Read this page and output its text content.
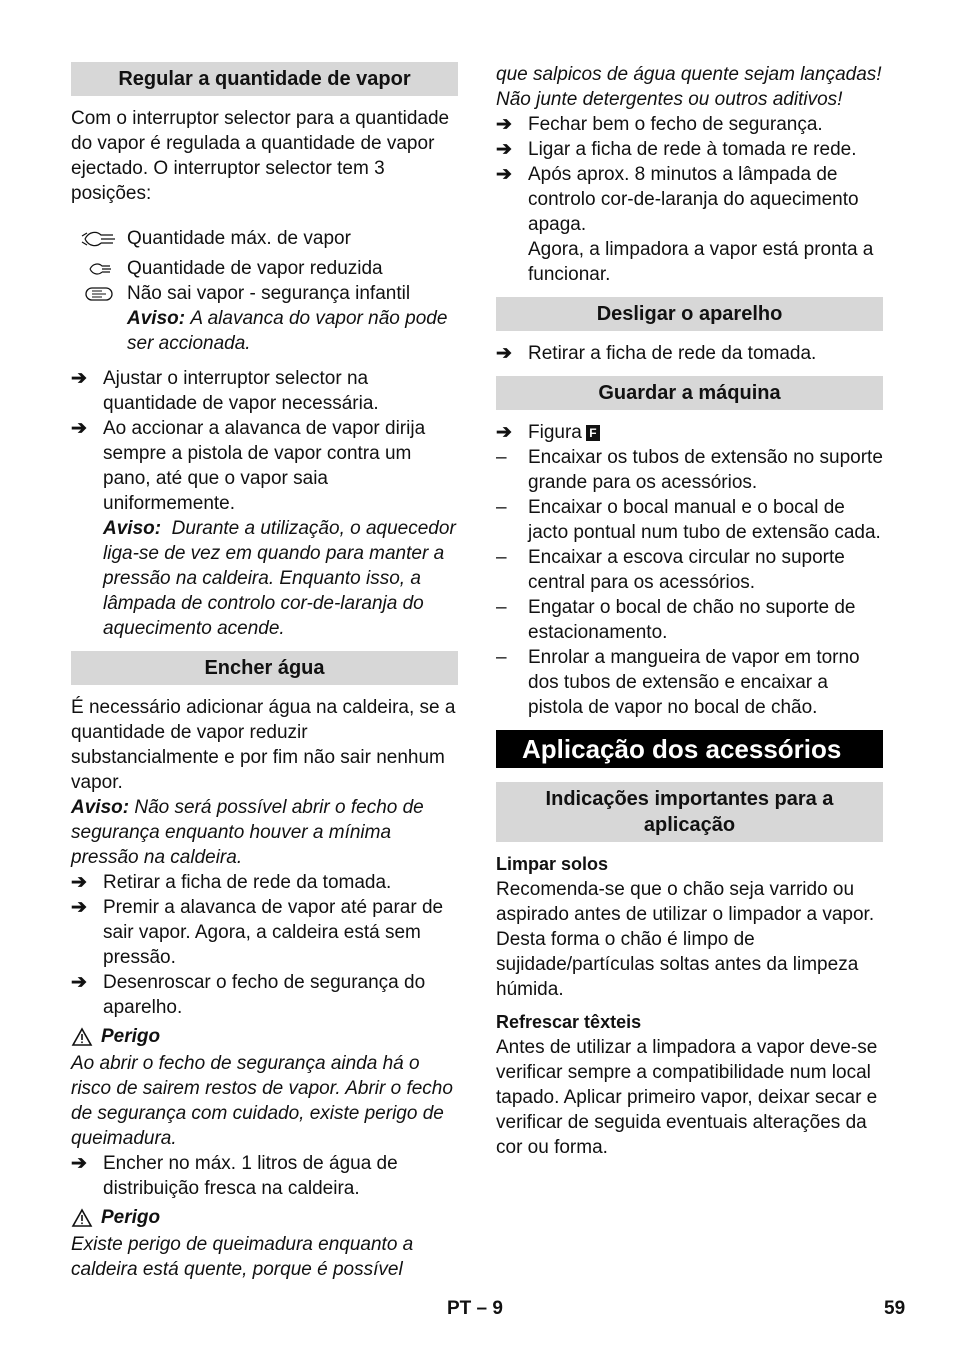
Regular a quantidade de vapor

Com o interruptor selector para a quantidade do vapor é regulada a quantidade de vapor ejectado. O interruptor selector tem 3 posições:

Quantidade máx. de vapor
Quantidade de vapor reduzida
Não sai vapor - segurança infantil

Aviso: A alavanca do vapor não pode ser accionada.

➔ Ajustar o interruptor selector na quantidade de vapor necessária.
➔ Ao accionar a alavanca de vapor dirija sempre a pistola de vapor contra um pano, até que o vapor saia uniformemente.

Aviso: Durante a utilização, o aquecedor liga-se de vez em quando para manter a pressão na caldeira. Enquanto isso, a lâmpada de controlo cor-de-laranja do aquecimento acende.

Encher água

É necessário adicionar água na caldeira, se a quantidade de vapor reduzir substancialmente e por fim não sair nenhum vapor.

Aviso: Não será possível abrir o fecho de segurança enquanto houver a mínima pressão na caldeira.

➔ Retirar a ficha de rede da tomada.
➔ Premir a alavanca de vapor até parar de sair vapor. Agora, a caldeira está sem pressão.
➔ Desenroscar o fecho de segurança do aparelho.
Perigo

Ao abrir o fecho de segurança ainda há o risco de sairem restos de vapor. Abrir o fecho de segurança com cuidado, existe perigo de queimadura.

➔ Encher no máx. 1 litros de água de distribuição fresca na caldeira.
Perigo

Existe perigo de queimadura enquanto a caldeira está quente, porque é possível

que salpicos de água quente sejam lançadas! Não junte detergentes ou outros aditivos!

➔ Fechar bem o fecho de segurança.
➔ Ligar a ficha de rede à tomada re rede.
➔ Após aprox. 8 minutos a lâmpada de controlo cor-de-laranja do aquecimento apaga.

Agora, a limpadora a vapor está pronta a funcionar.

Desligar o aparelho
➔ Retirar a ficha de rede da tomada.
Guardar a máquina
➔ Figura F
–	Encaixar os tubos de extensão no suporte grande para os acessórios.
–	Encaixar o bocal manual e o bocal de jacto pontual num tubo de extensão cada.
–	Encaixar a escova circular no suporte central para os acessórios.
–	Engatar o bocal de chão no suporte de estacionamento.
–	Enrolar a mangueira de vapor em torno dos tubos de extensão e encaixar a pistola de vapor no bocal de chão.
Aplicação dos acessórios
Indicações importantes para a aplicação
Limpar solos

Recomenda-se que o chão seja varrido ou aspirado antes de utilizar o limpador a vapor. Desta forma o chão é limpo de sujidade/partículas soltas antes da limpeza húmida.

Refrescar têxteis

Antes de utilizar a limpadora a vapor deve-se verificar sempre a compatibilidade num local tapado. Aplicar primeiro vapor, deixar secar e verificar de seguida eventuais alterações da cor ou forma.

PT – 9	59
